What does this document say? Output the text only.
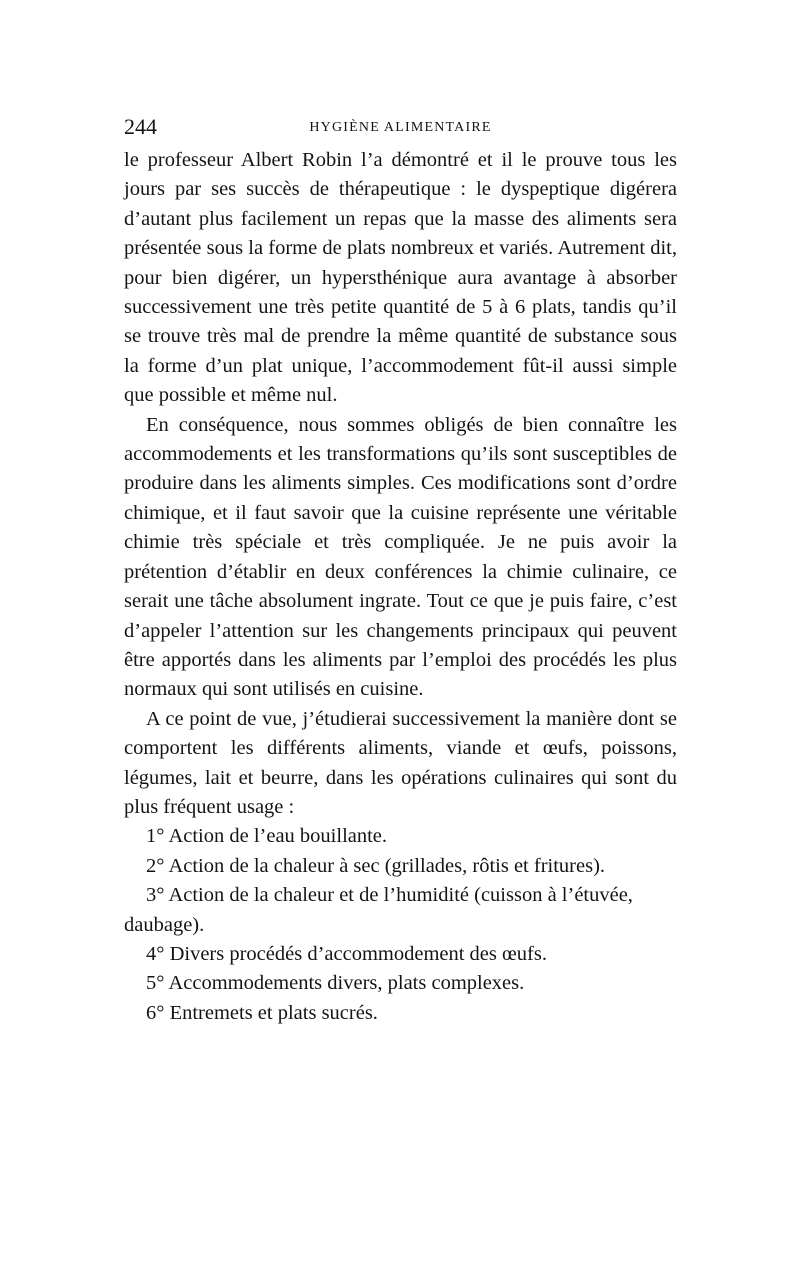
244	HYGIÈNE ALIMENTAIRE

le professeur Albert Robin l’a démontré et il le prouve tous les jours par ses succès de thérapeutique : le dyspeptique digérera d’autant plus facilement un repas que la masse des aliments sera présentée sous la forme de plats nombreux et variés. Autrement dit, pour bien digérer, un hypersthénique aura avantage à absorber successivement une très petite quantité de 5 à 6 plats, tandis qu’il se trouve très mal de prendre la même quantité de substance sous la forme d’un plat unique, l’accommodement fût-il aussi simple que possible et même nul.

En conséquence, nous sommes obligés de bien connaître les accommodements et les transformations qu’ils sont susceptibles de produire dans les aliments simples. Ces modifications sont d’ordre chimique, et il faut savoir que la cuisine représente une véritable chimie très spéciale et très compliquée. Je ne puis avoir la prétention d’établir en deux conférences la chimie culinaire, ce serait une tâche absolument ingrate. Tout ce que je puis faire, c’est d’appeler l’attention sur les changements principaux qui peuvent être apportés dans les aliments par l’emploi des procédés les plus normaux qui sont utilisés en cuisine.

A ce point de vue, j’étudierai successivement la manière dont se comportent les différents aliments, viande et œufs, poissons, légumes, lait et beurre, dans les opérations culinaires qui sont du plus fréquent usage :

1° Action de l’eau bouillante.

2° Action de la chaleur à sec (grillades, rôtis et fritures).

3° Action de la chaleur et de l’humidité (cuisson à l’étuvée, daubage).

4° Divers procédés d’accommodement des œufs.

5° Accommodements divers, plats complexes.

6° Entremets et plats sucrés.
